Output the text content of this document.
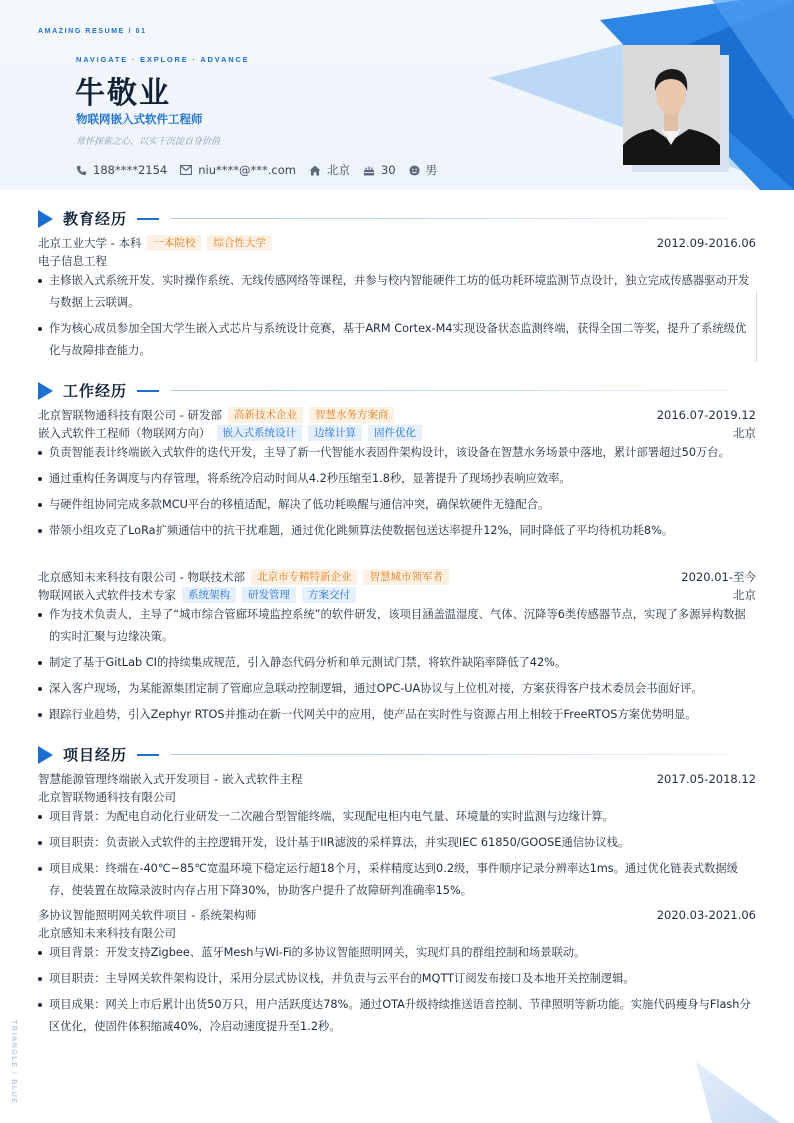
AMAZING RESUME / 01
NAVIGATE · EXPLORE · ADVANCE
牛敬业
物联网嵌入式软件工程师
常怀探索之心，以实干沉淀自身价值
188****2154	niu****@***.com	北京	30	男
教育经历
北京工业大学 - 本科	一本院校	综合性大学	2012.09-2016.06
电子信息工程
主修嵌入式系统开发、实时操作系统、无线传感网络等课程，并参与校内智能硬件工坊的低功耗环境监测节点设计，独立完成传感器驱动开发与数据上云联调。
作为核心成员参加全国大学生嵌入式芯片与系统设计竞赛，基于ARM Cortex-M4实现设备状态监测终端，获得全国二等奖，提升了系统级优化与故障排查能力。
工作经历
北京智联物通科技有限公司 - 研发部	高新技术企业	智慧水务方案商	2016.07-2019.12
嵌入式软件工程师（物联网方向）	嵌入式系统设计	边缘计算	固件优化	北京
负责智能表计终端嵌入式软件的迭代开发，主导了新一代智能水表固件架构设计，该设备在智慧水务场景中落地，累计部署超过50万台。
通过重构任务调度与内存管理，将系统冷启动时间从4.2秒压缩至1.8秒，显著提升了现场抄表响应效率。
与硬件组协同完成多款MCU平台的移植适配，解决了低功耗唤醒与通信冲突，确保软硬件无缝配合。
带领小组攻克了LoRa扩频通信中的抗干扰难题，通过优化跳频算法使数据包送达率提升12%，同时降低了平均待机功耗8%。
北京感知未来科技有限公司 - 物联技术部	北京市专精特新企业	智慧城市领军者	2020.01-至今
物联网嵌入式软件技术专家	系统架构	研发管理	方案交付	北京
作为技术负责人，主导了“城市综合管廊环境监控系统”的软件研发，该项目涵盖温湿度、气体、沉降等6类传感器节点，实现了多源异构数据的实时汇聚与边缘决策。
制定了基于GitLab CI的持续集成规范，引入静态代码分析和单元测试门禁，将软件缺陷率降低了42%。
深入客户现场，为某能源集团定制了管廊应急联动控制逻辑，通过OPC-UA协议与上位机对接，方案获得客户技术委员会书面好评。
跟踪行业趋势，引入Zephyr RTOS并推动在新一代网关中的应用，使产品在实时性与资源占用上相较于FreeRTOS方案优势明显。
项目经历
智慧能源管理终端嵌入式开发项目 - 嵌入式软件主程	2017.05-2018.12
北京智联物通科技有限公司
项目背景：为配电自动化行业研发一二次融合型智能终端，实现配电柜内电气量、环境量的实时监测与边缘计算。
项目职责：负责嵌入式软件的主控逻辑开发，设计基于IIR滤波的采样算法，并实现IEC 61850/GOOSE通信协议栈。
项目成果：终端在-40℃~85℃宽温环境下稳定运行超18个月，采样精度达到0.2级，事件顺序记录分辨率达1ms。通过优化链表式数据缓存，使装置在故障录波时内存占用下降30%，协助客户提升了故障研判准确率15%。
多协议智能照明网关软件项目 - 系统架构师	2020.03-2021.06
北京感知未来科技有限公司
项目背景：开发支持Zigbee、蓝牙Mesh与Wi-Fi的多协议智能照明网关，实现灯具的群组控制和场景联动。
项目职责：主导网关软件架构设计，采用分层式协议栈，并负责与云平台的MQTT订阅发布接口及本地开关控制逻辑。
项目成果：网关上市后累计出货50万只，用户活跃度达78%。通过OTA升级持续推送语音控制、节律照明等新功能。实施代码瘦身与Flash分区优化，使固件体积缩减40%，冷启动速度提升至1.2秒。
TRIANGLE / BLUE
